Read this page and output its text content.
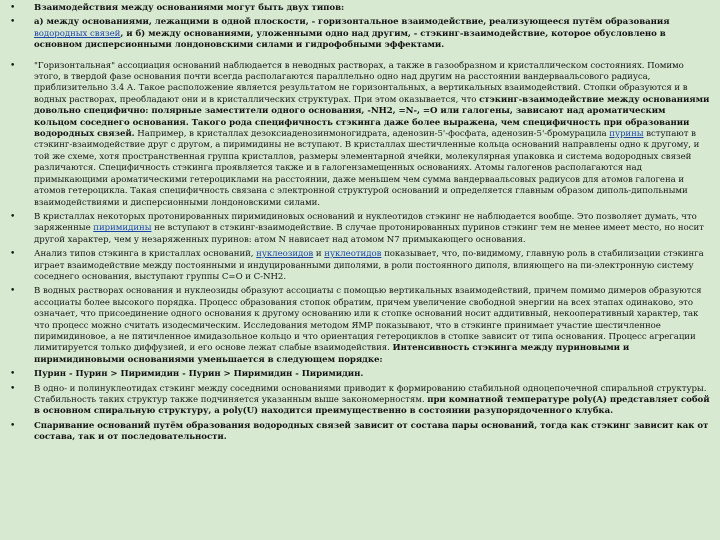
•	Взаимодействия между основаниями могут быть двух типов:
•	а) между основаниями, лежащими в одной плоскости, - горизонтальное взаимодействие, реализующееся путём образования водородных связей, и б) между основаниями, уложенными одно над другим, - стэкинг-взаимодействие, которое обусловлено в основном дисперсионными лондоновскими силами и гидрофобными эффектами.
•	"Горизонтальная" ассоциация оснований наблюдается в неводных растворах, а также в газообразном и кристаллическом состояниях. Помимо этого, в твердой фазе основания почти всегда располагаются параллельно одно над другим на расстоянии вандерваальсового радиуса, приблизительно 3.4 А. Такое расположение является результатом не горизонтальных, а вертикальных взаимодействий. Стопки образуются и в водных растворах, преобладают они и в кристаллических структурах. При этом оказывается, что стэкинг-взаимодействие между основаниями довольно специфично: полярные заместители одного основания, -NH2, =N-, =O или галогены, зависают над ароматическим кольцом соседнего основания. Такого рода специфичность стэкинга даже более выражена, чем специфичность при образовании водородных связей. Например, в кристаллах дезоксиаденозинмоногидрата, аденозин-5'-фосфата, аденозин-5'-бромурацила пурины вступают в стэкинг-взаимодействие друг с другом, а пиримидины не вступают. В кристаллах шестичленные кольца оснований направлены одно к другому, и той же схеме, хотя пространственная группа кристаллов, размеры элементарной ячейки, молекулярная упаковка и система водородных связей различаются. Специфичность стэкинга проявляется также и в галогензамещенных основаниях. Атомы галогенов располагаются над примыкающими ароматическими гетероциклами на расстоянии, даже меньшем чем сумма вандерваальсовых радиусов для атомов галогена и атомов гетероцикла. Такая специфичность связана с электронной структурой оснований и определяется главным образом диполь-дипольными взаимодействиями и дисперсионными лондоновскими силами.
•	В кристаллах некоторых протонированных пиримидиновых оснований и нуклеотидов стэкинг не наблюдается вообще. Это позволяет думать, что заряженные пиримидины не вступают в стэкинг-взаимодействие. В случае протонированных пуринов стэкинг тем не менее имеет место, но носит другой характер, чем у незаряженных пуринов: атом N нависает над атомом N7 примыкающего основания.
•	Анализ типов стэкинга в кристаллах оснований, нуклеозидов и нуклеотидов показывает, что, по-видимому, главную роль в стабилизации стэкинга играет взаимодействие между постоянными и индуцированными диполями, в роли постоянного диполя, влияющего на пи-электронную систему соседнего основания, выступают группы C=O и C-NH2.
•	В водных растворах основания и нуклеозиды образуют ассоциаты с помощью вертикальных взаимодействий, причем помимо димеров образуются ассоциаты более высокого порядка. Процесс образования стопок обратим, причем увеличение свободной энергии на всех этапах одинаково, это означает, что присоединение одного основания к другому основанию или к стопке оснований носит аддитивный, некооперативный характер, так что процесс можно считать изодесмическим. Исследования методом ЯМР показывают, что в стэкинге принимает участие шестичленное пиримидиновое, а не пятичленное имидазольное кольцо и что ориентация гетероциклов в стопке зависит от типа основания. Процесс агрегации лимитируется только диффузией, и его основе лежат слабые взаимодействия. Интенсивность стэкинга между пуриновыми и пиримидиновыми основаниями уменьшается в следующем порядке:
•	Пурин - Пурин > Пиримидин - Пурин > Пиримидин - Пиримидин.
•	В одно- и полинуклеотидах стэкинг между соседними основаниями приводит к формированию стабильной одноцепочечной спиральной структуры. Стабильность таких структур также подчиняется указанным выше закономерностям. при комнатной температуре poly(A) представляет собой в основном спиральную структуру, а poly(U) находится преимущественно в состоянии разупорядоченного клубка.
•	Спаривание оснований путём образования водородных связей зависит от состава пары оснований, тогда как стэкинг зависит как от состава, так и от последовательности.
